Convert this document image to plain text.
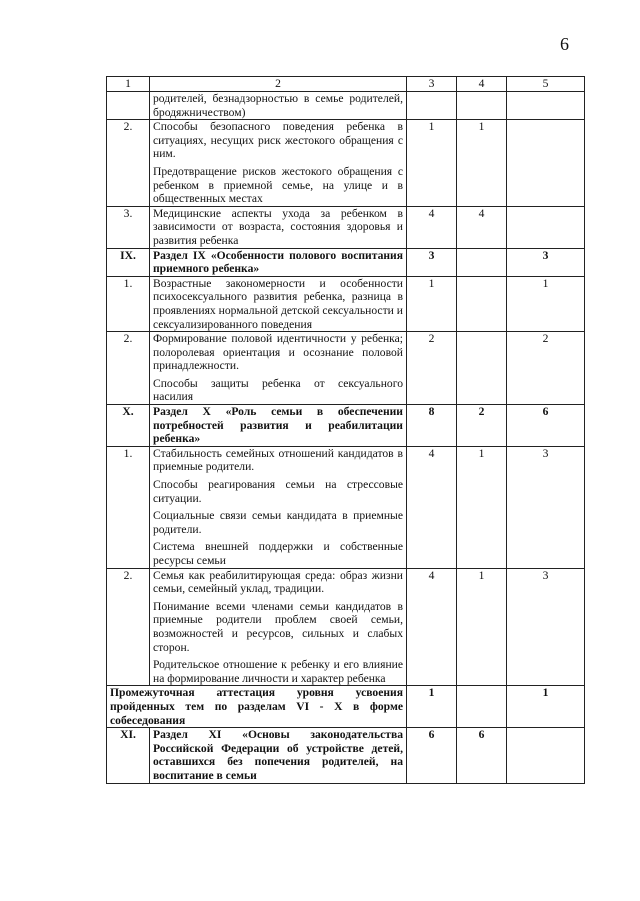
6
1	2	3	4	5

	родителей, безнадзорностью в семье родителей, бродяжничеством)			

2.	Способы безопасного поведения ребенка в ситуациях, несущих риск жестокого обращения с ним.
Предотвращение рисков жестокого обращения с ребенком в приемной семье, на улице и в общественных местах	1	1	
3.	Медицинские аспекты ухода за ребенком в зависимости от возраста, состояния здоровья и развития ребенка	4	4	
IX.	Раздел IX «Особенности полового воспитания приемного ребенка»	3		3
1.	Возрастные закономерности и особенности психосексуального развития ребенка, разница в проявлениях нормальной детской сексуальности и сексуализированного поведения	1		1
2.	Формирование половой идентичности у ребенка; полоролевая ориентация и осознание половой принадлежности.
Способы защиты ребенка от сексуального насилия	2		2
X.	Раздел X «Роль семьи в обеспечении потребностей развития и реабилитации ребенка»	8	2	6
1.	Стабильность семейных отношений кандидатов в приемные родители.
Способы реагирования семьи на стрессовые ситуации.
Социальные связи семьи кандидата в приемные родители.
Система внешней поддержки и собственные ресурсы семьи	4	1	3
2.	Семья как реабилитирующая среда: образ жизни семьи, семейный уклад, традиции.
Понимание всеми членами семьи кандидатов в приемные родители проблем своей семьи, возможностей и ресурсов, сильных и слабых сторон.
Родительское отношение к ребенку и его влияние на формирование личности и характер ребенка	4	1	3

Промежуточная аттестация уровня усвоения пройденных тем по разделам VI - X в форме собеседования		1		1
XI.	Раздел XI «Основы законодательства Российской Федерации об устройстве детей, оставшихся без попечения родителей, на воспитание в семьи	6	6	
